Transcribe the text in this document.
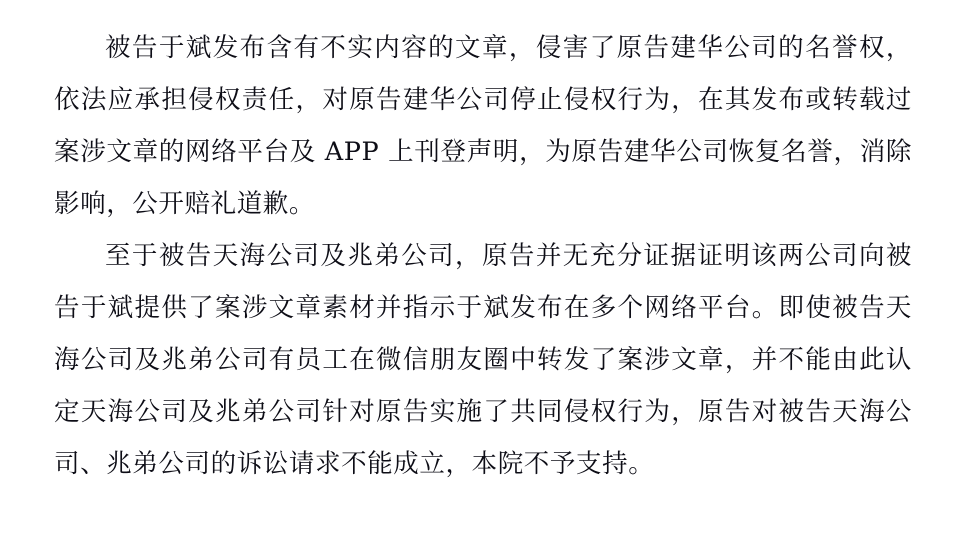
被告于斌发布含有不实内容的文章，侵害了原告建华公司的名誉权，依法应承担侵权责任，对原告建华公司停止侵权行为，在其发布或转载过案涉文章的网络平台及 APP 上刊登声明，为原告建华公司恢复名誉，消除影响，公开赔礼道歉。

至于被告天海公司及兆弟公司，原告并无充分证据证明该两公司向被告于斌提供了案涉文章素材并指示于斌发布在多个网络平台。即使被告天海公司及兆弟公司有员工在微信朋友圈中转发了案涉文章，并不能由此认定天海公司及兆弟公司针对原告实施了共同侵权行为，原告对被告天海公司、兆弟公司的诉讼请求不能成立，本院不予支持。
